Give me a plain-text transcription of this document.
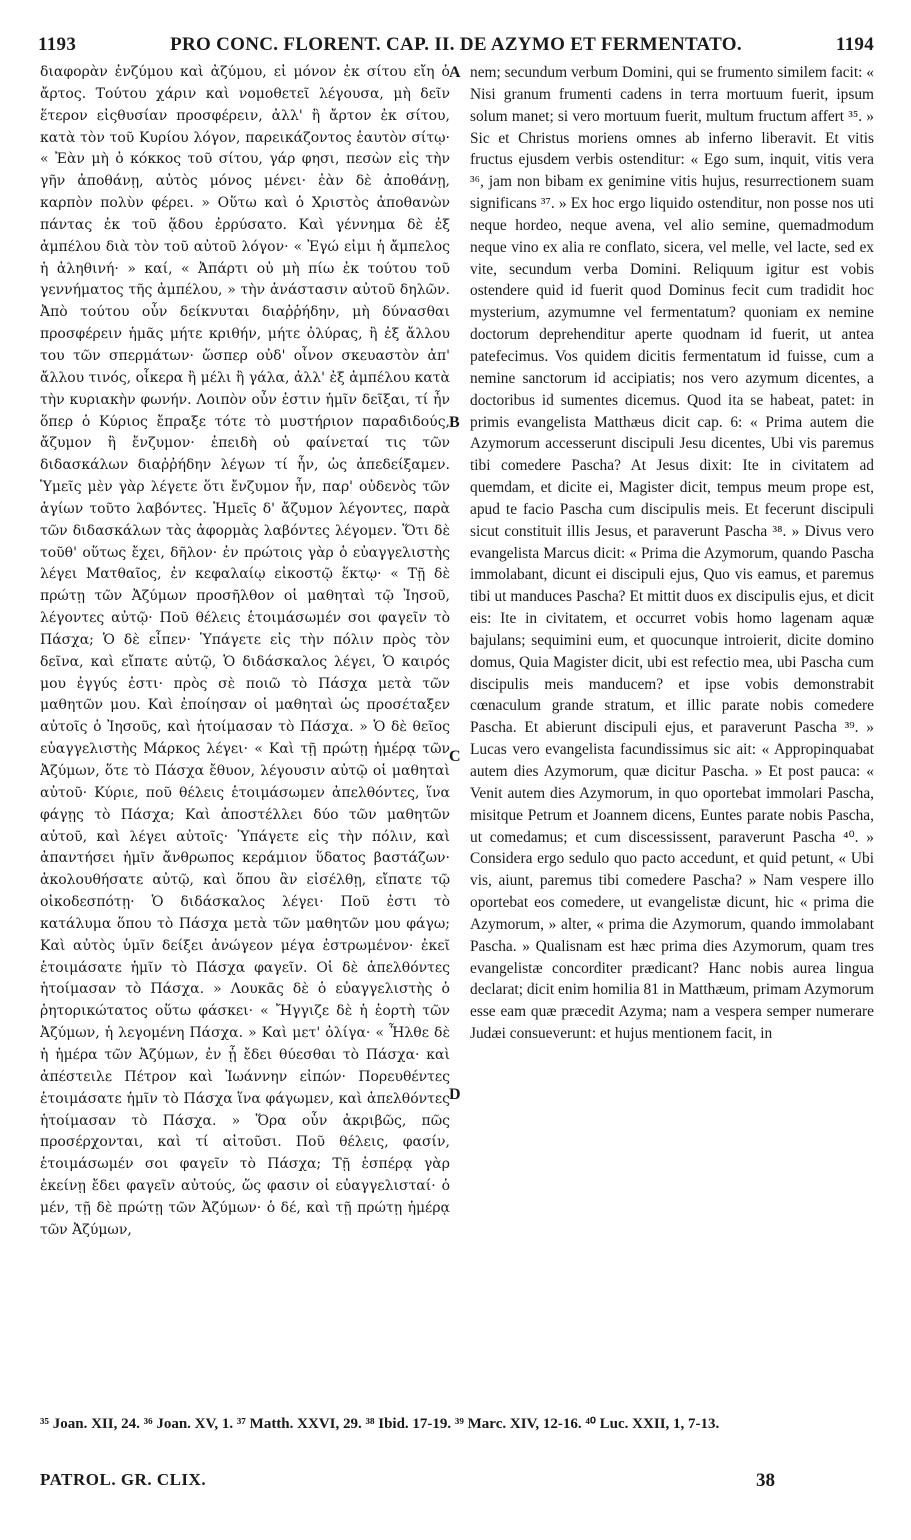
1193	PRO CONC. FLORENT. CAP. II. DE AZYMO ET FERMENTATO.	1194

διαφορὰν ἐνζύμου καὶ ἀζύμου, εἰ μόνον ἐκ σίτου εἴη ὁ ἄρτος. Τούτου χάριν καὶ νομοθετεῖ λέγουσα, μὴ δεῖν ἕτερον εἰςθυσίαν προσφέρειν, ἀλλ' ἢ ἄρτον ἐκ σίτου, κατὰ τὸν τοῦ Κυρίου λόγον, παρεικάζοντος ἑαυτὸν σίτῳ· « Ἐὰν μὴ ὁ κόκκος τοῦ σίτου, γάρ φησι, πεσὼν εἰς τὴν γῆν ἀποθάνῃ, αὐτὸς μόνος μένει· ἐὰν δὲ ἀποθάνῃ, καρπὸν πολὺν φέρει. » Οὕτω καὶ ὁ Χριστὸς ἀποθανὼν πάντας ἐκ τοῦ ᾅδου ἐρρύσατο. Καὶ γέννημα δὲ ἐξ ἀμπέλου διὰ τὸν τοῦ αὐτοῦ λόγον· « Ἐγώ εἰμι ἡ ἄμπελος ἡ ἀληθινή· » καί, « Ἀπάρτι οὐ μὴ πίω ἐκ τούτου τοῦ γεννήματος τῆς ἀμπέλου, » τὴν ἀνάστασιν αὐτοῦ δηλῶν. Ἀπὸ τούτου οὖν δείκνυται διαῤῥήδην, μὴ δύνασθαι προσφέρειν ἡμᾶς μήτε κριθήν, μήτε ὀλύρας, ἢ ἐξ ἄλλου του τῶν σπερμάτων· ὥσπερ οὐδ' οἶνον σκευαστὸν ἀπ' ἄλλου τινός, οἷκερα ἢ μέλι ἢ γάλα, ἀλλ' ἐξ ἀμπέλου κατὰ τὴν κυριακὴν φωνήν. Λοιπὸν οὖν ἐστιν ἡμῖν δεῖξαι, τί ἦν ὅπερ ὁ Κύριος ἔπραξε τότε τὸ μυστήριον παραδιδούς, ἄζυμον ἢ ἔνζυμον· ἐπειδὴ οὐ φαίνεταί τις τῶν διδασκάλων διαῤῥήδην λέγων τί ἦν, ὡς ἀπεδείξαμεν. Ὑμεῖς μὲν γὰρ λέγετε ὅτι ἔνζυμον ἦν, παρ' οὐδενὸς τῶν ἁγίων τοῦτο λαβόντες. Ἡμεῖς δ' ἄζυμον λέγοντες, παρὰ τῶν διδασκάλων τὰς ἀφορμὰς λαβόντες λέγομεν. Ὅτι δὲ τοῦθ' οὕτως ἔχει, δῆλον· ἐν πρώτοις γὰρ ὁ εὐαγγελιστὴς λέγει Ματθαῖος, ἐν κεφαλαίῳ εἰκοστῷ ἕκτῳ· « Τῇ δὲ πρώτῃ τῶν Ἀζύμων προσῆλθον οἱ μαθηταὶ τῷ Ἰησοῦ, λέγοντες αὐτῷ· Ποῦ θέλεις ἑτοιμάσωμέν σοι φαγεῖν τὸ Πάσχα; Ὁ δὲ εἶπεν· Ὑπάγετε εἰς τὴν πόλιν πρὸς τὸν δεῖνα, καὶ εἴπατε αὐτῷ, Ὁ διδάσκαλος λέγει, Ὁ καιρός μου ἐγγύς ἐστι· πρὸς σὲ ποιῶ τὸ Πάσχα μετὰ τῶν μαθητῶν μου. Καὶ ἐποίησαν οἱ μαθηταὶ ὡς προσέταξεν αὐτοῖς ὁ Ἰησοῦς, καὶ ἡτοίμασαν τὸ Πάσχα. » Ὁ δὲ θεῖος εὐαγγελιστὴς Μάρκος λέγει· « Καὶ τῇ πρώτῃ ἡμέρᾳ τῶν Ἀζύμων, ὅτε τὸ Πάσχα ἔθυον, λέγουσιν αὐτῷ οἱ μαθηταὶ αὐτοῦ· Κύριε, ποῦ θέλεις ἑτοιμάσωμεν ἀπελθόντες, ἵνα φάγῃς τὸ Πάσχα; Καὶ ἀποστέλλει δύο τῶν μαθητῶν αὐτοῦ, καὶ λέγει αὐτοῖς· Ὑπάγετε εἰς τὴν πόλιν, καὶ ἀπαντήσει ἡμῖν ἄνθρωπος κεράμιον ὕδατος βαστάζων· ἀκολουθήσατε αὐτῷ, καὶ ὅπου ἂν εἰσέλθῃ, εἴπατε τῷ οἰκοδεσπότῃ· Ὁ διδάσκαλος λέγει· Ποῦ ἐστι τὸ κατάλυμα ὅπου τὸ Πάσχα μετὰ τῶν μαθητῶν μου φάγω; Καὶ αὐτὸς ὑμῖν δείξει ἀνώγεον μέγα ἐστρωμένον· ἐκεῖ ἑτοιμάσατε ἡμῖν τὸ Πάσχα φαγεῖν. Οἱ δὲ ἀπελθόντες ἡτοίμασαν τὸ Πάσχα. » Λουκᾶς δὲ ὁ εὐαγγελιστὴς ὁ ῥητορικώτατος οὕτω φάσκει· « Ἤγγιζε δὲ ἡ ἑορτὴ τῶν Ἀζύμων, ἡ λεγομένη Πάσχα. » Καὶ μετ' ὀλίγα· « Ἦλθε δὲ ἡ ἡμέρα τῶν Ἀζύμων, ἐν ᾗ ἔδει θύεσθαι τὸ Πάσχα· καὶ ἀπέστειλε Πέτρον καὶ Ἰωάννην εἰπών· Πορευθέντες ἑτοιμάσατε ἡμῖν τὸ Πάσχα ἵνα φάγωμεν, καὶ ἀπελθόντες ἡτοίμασαν τὸ Πάσχα. » Ὅρα οὖν ἀκριβῶς, πῶς προσέρχονται, καὶ τί αἰτοῦσι. Ποῦ θέλεις, φασίν, ἑτοιμάσωμέν σοι φαγεῖν τὸ Πάσχα; Τῇ ἑσπέρᾳ γὰρ ἐκείνῃ ἔδει φαγεῖν αὐτούς, ὥς φασιν οἱ εὐαγγελισταί· ὁ μέν, τῇ δὲ πρώτῃ τῶν Ἀζύμων· ὁ δέ, καὶ τῇ πρώτῃ ἡμέρᾳ τῶν Ἀζύμων,

A
B
C
D

nem; secundum verbum Domini, qui se frumento similem facit: « Nisi granum frumenti cadens in terra mortuum fuerit, ipsum solum manet; si vero mortuum fuerit, multum fructum affert ³⁵. » Sic et Christus moriens omnes ab inferno liberavit. Et vitis fructus ejusdem verbis ostenditur: « Ego sum, inquit, vitis vera ³⁶, jam non bibam ex genimine vitis hujus, resurrectionem suam significans ³⁷. » Ex hoc ergo liquido ostenditur, non posse nos uti neque hordeo, neque avena, vel alio semine, quemadmodum neque vino ex alia re conflato, sicera, vel melle, vel lacte, sed ex vite, secundum verba Domini. Reliquum igitur est vobis ostendere quid id fuerit quod Dominus fecit cum tradidit hoc mysterium, azymumne vel fermentatum? quoniam ex nemine doctorum deprehenditur aperte quodnam id fuerit, ut antea patefecimus. Vos quidem dicitis fermentatum id fuisse, cum a nemine sanctorum id accipiatis; nos vero azymum dicentes, a doctoribus id sumentes dicemus. Quod ita se habeat, patet: in primis evangelista Matthæus dicit cap. 6: « Prima autem die Azymorum accesserunt discipuli Jesu dicentes, Ubi vis paremus tibi comedere Pascha? At Jesus dixit: Ite in civitatem ad quemdam, et dicite ei, Magister dicit, tempus meum prope est, apud te facio Pascha cum discipulis meis. Et fecerunt discipuli sicut constituit illis Jesus, et paraverunt Pascha ³⁸. » Divus vero evangelista Marcus dicit: « Prima die Azymorum, quando Pascha immolabant, dicunt ei discipuli ejus, Quo vis eamus, et paremus tibi ut manduces Pascha? Et mittit duos ex discipulis ejus, et dicit eis: Ite in civitatem, et occurret vobis homo lagenam aquæ bajulans; sequimini eum, et quocunque introierit, dicite domino domus, Quia Magister dicit, ubi est refectio mea, ubi Pascha cum discipulis meis manducem? et ipse vobis demonstrabit cœnaculum grande stratum, et illic parate nobis comedere Pascha. Et abierunt discipuli ejus, et paraverunt Pascha ³⁹. » Lucas vero evangelista facundissimus sic ait: « Appropinquabat autem dies Azymorum, quæ dicitur Pascha. » Et post pauca: « Venit autem dies Azymorum, in quo oportebat immolari Pascha, misitque Petrum et Joannem dicens, Euntes parate nobis Pascha, ut comedamus; et cum discessissent, paraverunt Pascha ⁴⁰. » Considera ergo sedulo quo pacto accedunt, et quid petunt, « Ubi vis, aiunt, paremus tibi comedere Pascha? » Nam vespere illo oportebat eos comedere, ut evangelistæ dicunt, hic « prima die Azymorum, » alter, « prima die Azymorum, quando immolabant Pascha. » Qualisnam est hæc prima dies Azymorum, quam tres evangelistæ concorditer prædicant? Hanc nobis aurea lingua declarat; dicit enim homilia 81 in Matthæum, primam Azymorum esse eam quæ præcedit Azyma; nam a vespera semper numerare Judæi consueverunt: et hujus mentionem facit, in

³⁵ Joan. XII, 24. ³⁶ Joan. XV, 1. ³⁷ Matth. XXVI, 29. ³⁸ Ibid. 17-19. ³⁹ Marc. XIV, 12-16. ⁴⁰ Luc. XXII, 1, 7-13.
PATROL. GR. CLIX.	38
